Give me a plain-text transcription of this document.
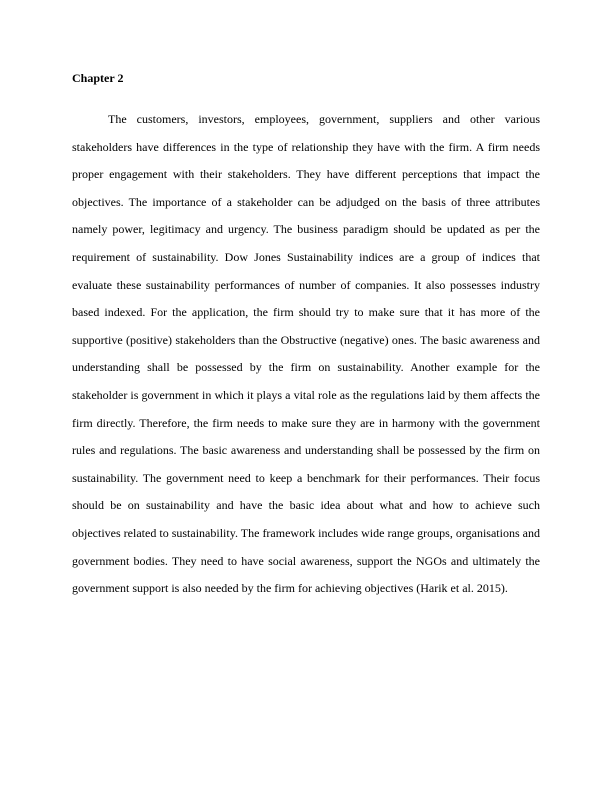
Chapter 2

The customers, investors, employees, government, suppliers and other various stakeholders have differences in the type of relationship they have with the firm. A firm needs proper engagement with their stakeholders. They have different perceptions that impact the objectives. The importance of a stakeholder can be adjudged on the basis of three attributes namely power, legitimacy and urgency. The business paradigm should be updated as per the requirement of sustainability. Dow Jones Sustainability indices are a group of indices that evaluate these sustainability performances of number of companies. It also possesses industry based indexed. For the application, the firm should try to make sure that it has more of the supportive (positive) stakeholders than the Obstructive (negative) ones. The basic awareness and understanding shall be possessed by the firm on sustainability. Another example for the stakeholder is government in which it plays a vital role as the regulations laid by them affects the firm directly. Therefore, the firm needs to make sure they are in harmony with the government rules and regulations. The basic awareness and understanding shall be possessed by the firm on sustainability. The government need to keep a benchmark for their performances. Their focus should be on sustainability and have the basic idea about what and how to achieve such objectives related to sustainability. The framework includes wide range groups, organisations and government bodies. They need to have social awareness, support the NGOs and ultimately the government support is also needed by the firm for achieving objectives (Harik et al. 2015).
